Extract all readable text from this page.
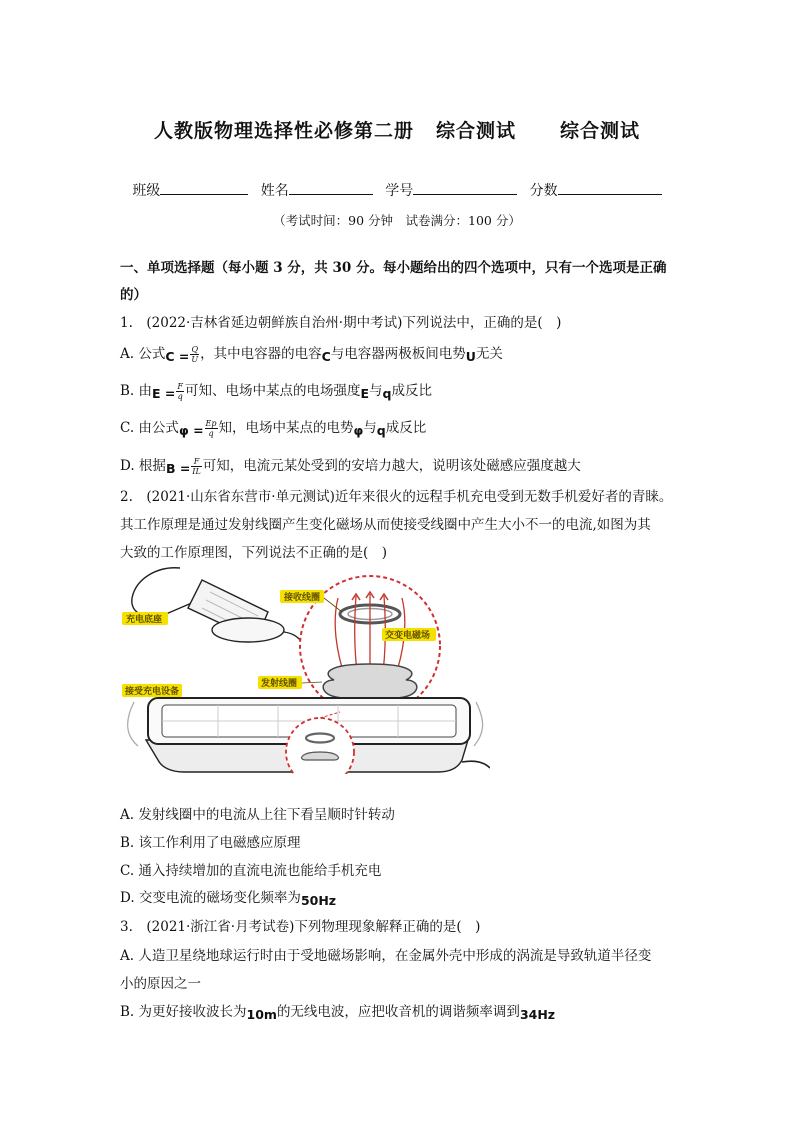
人教版物理选择性必修第二册 综合测试 综合测试
班级	姓名	学号	分数
（考试时间：90 分钟　试卷满分：100 分）
一、单项选择题（每小题 3 分，共 30 分。每小题给出的四个选项中，只有一个选项是正确
的）
1.　(2022·吉林省延边朝鲜族自治州·期中考试)下列说法中，正确的是(　)
A. 公式$C = \frac{Q}{U}$ ，其中电容器的电容C与电容器两极板间电势U无关
B. 由$E = \frac{F}{q}$ 可知、电场中某点的电场强度E与q成反比
C. 由公式$\varphi = \frac{Ep}{q}$ 知，电场中某点的电势φ与q成反比
D. 根据$B = \frac{F}{IL}$ 可知，电流元某处受到的安培力越大，说明该处磁感应强度越大
2.　(2021·山东省东营市·单元测试)近年来很火的远程手机充电受到无数手机爱好者的青睐。
其工作原理是通过发射线圈产生变化磁场从而使接受线圈中产生大小不一的电流,如图为其
大致的工作原理图，下列说法不正确的是(　)
接收线圈
充电底座
交变电磁场
发射线圈
接受充电设备
A. 发射线圈中的电流从上往下看呈顺时针转动
B. 该工作利用了电磁感应原理
C. 通入持续增加的直流电流也能给手机充电
D. 交变电流的磁场变化频率为50Hz
3.　(2021·浙江省·月考试卷)下列物理现象解释正确的是(　)
A. 人造卫星绕地球运行时由于受地磁场影响，在金属外壳中形成的涡流是导致轨道半径变
小的原因之一
B. 为更好接收波长为10m的无线电波，应把收音机的调谐频率调到34Hz
